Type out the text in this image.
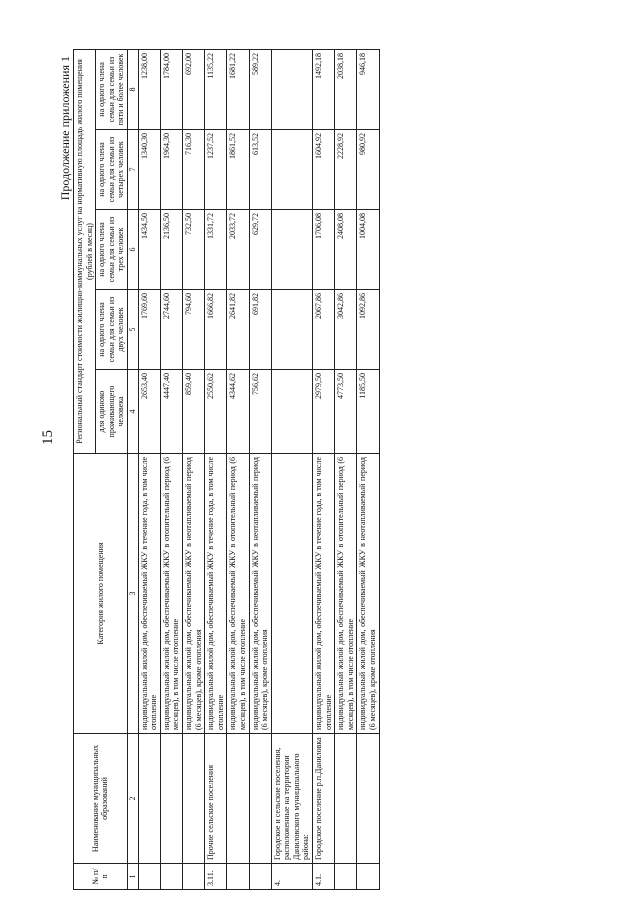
15
Продолжение приложения 1
№ п/п	Наименование муниципальных образований	Категория жилого помещения	Региональный стандарт стоимости жилищно-коммунальных услуг на нормативную площадь жилого помещения (рублей в месяц)				
			для одиноко проживающего человека	на одного члена семьи для семьи из двух человек	на одного члена семьи для семьи из трех человек	на одного члена семьи для семьи из четырех человек	на одного члена семьи для семьи из пяти и более человек
1	2	3	4	5	6	7	8
		индивидуальный жилой дом, обеспечиваемый ЖКУ в течение года, в том числе отопление	2653,40	1769,60	1434,50	1340,30	1238,00
		индивидуальный жилой дом, обеспечиваемый ЖКУ в отопительный период (6 месяцев), в том числе отопление	4447,40	2744,60	2136,50	1964,30	1784,00
		индивидуальный жилой дом, обеспечиваемый ЖКУ в неотапливаемый период (6 месяцев), кроме отопления	859,40	794,60	732,50	716,30	692,00
3.11.	Прочие сельские поселения	индивидуальный жилой дом, обеспечиваемый ЖКУ в течение года, в том числе отопление	2550,62	1666,82	1331,72	1237,52	1135,22
		индивидуальный жилой дом, обеспечиваемый ЖКУ в отопительный период (6 месяцев), в том числе отопление	4344,62	2641,82	2033,72	1861,52	1681,22
		индивидуальный жилой дом, обеспечиваемый ЖКУ в неотапливаемый период (6 месяцев), кроме отопления	756,62	691,82	629,72	613,52	589,22
4.	Городское и сельские поселения, расположенные на территории Даниловского муниципального района:						
4.1.	Городское поселение р.п.Даниловка	индивидуальный жилой дом, обеспечиваемый ЖКУ в течение года, в том числе отопление	2979,50	2067,86	1706,08	1604,92	1492,18
		индивидуальный жилой дом, обеспечиваемый ЖКУ в отопительный период (6 месяцев), в том числе отопление	4773,50	3042,86	2408,08	2228,92	2038,18
		индивидуальный жилой дом, обеспечиваемый ЖКУ в неотапливаемый период (6 месяцев), кроме отопления	1185,50	1092,86	1004,08	980,92	946,18
